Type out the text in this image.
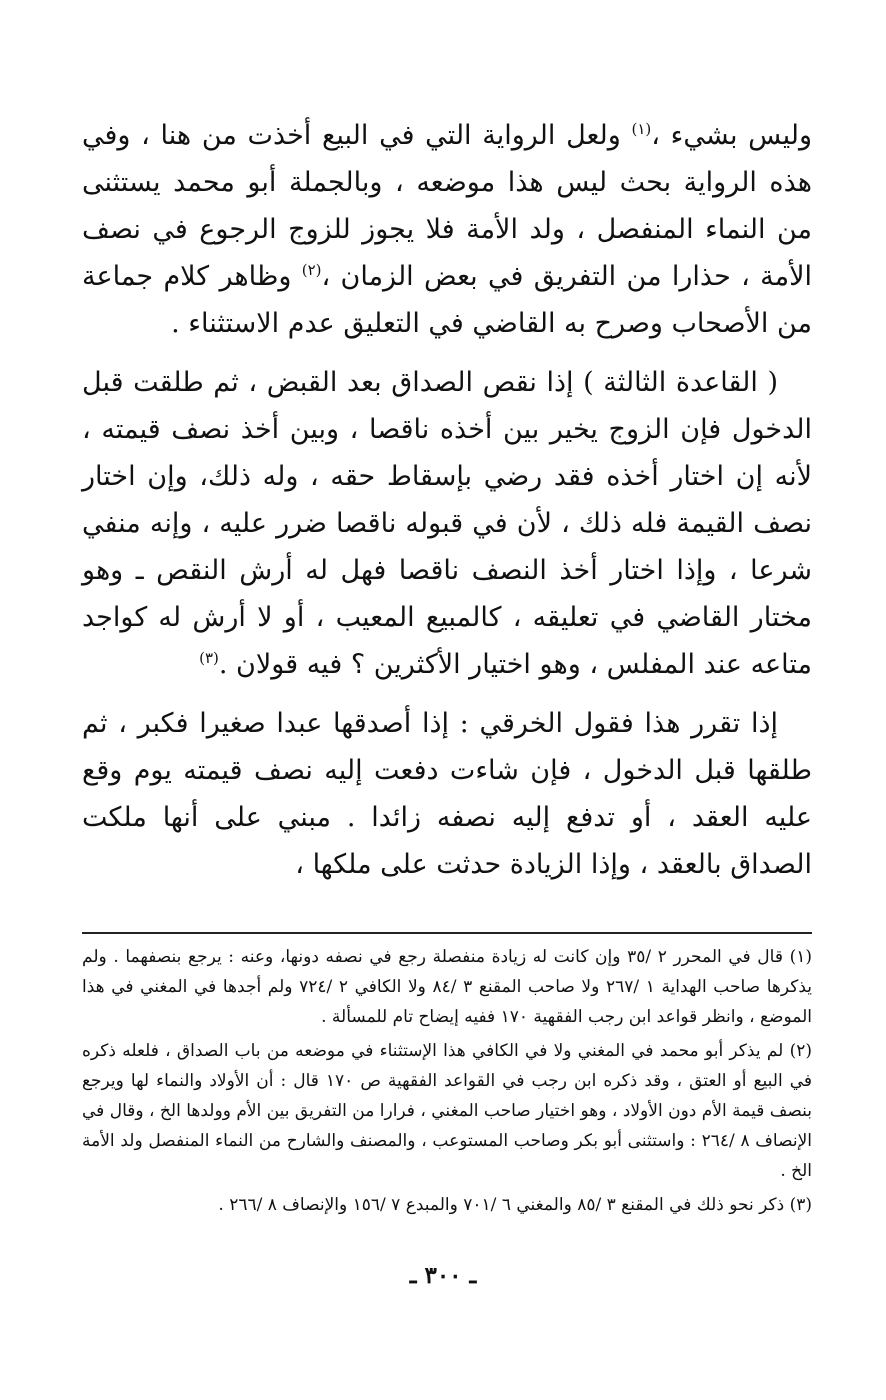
وليس بشيء ،$^{(١)}$ ولعل الرواية التي في البيع أخذت من هنا ، وفي هذه الرواية بحث ليس هذا موضعه ، وبالجملة أبو محمد يستثنى من النماء المنفصل ، ولد الأمة فلا يجوز للزوج الرجوع في نصف الأمة ، حذارا من التفريق في بعض الزمان ،$^{(٢)}$ وظاهر كلام جماعة من الأصحاب وصرح به القاضي في التعليق عدم الاستثناء .

( القاعدة الثالثة ) إذا نقص الصداق بعد القبض ، ثم طلقت قبل الدخول فإن الزوج يخير بين أخذه ناقصا ، وبين أخذ نصف قيمته ، لأنه إن اختار أخذه فقد رضي بإسقاط حقه ، وله ذلك، وإن اختار نصف القيمة فله ذلك ، لأن في قبوله ناقصا ضرر عليه ، وإنه منفي شرعا ، وإذا اختار أخذ النصف ناقصا فهل له أرش النقص ـ وهو مختار القاضي في تعليقه ، كالمبيع المعيب ، أو لا أرش له كواجد متاعه عند المفلس ، وهو اختيار الأكثرين ؟ فيه قولان .$^{(٣)}$

إذا تقرر هذا فقول الخرقي : إذا أصدقها عبدا صغيرا فكبر ، ثم طلقها قبل الدخول ، فإن شاءت دفعت إليه نصف قيمته يوم وقع عليه العقد ، أو تدفع إليه نصفه زائدا . مبني على أنها ملكت الصداق بالعقد ، وإذا الزيادة حدثت على ملكها ،

(١) قال في المحرر ٢ /٣٥ وإن كانت له زيادة منفصلة رجع في نصفه دونها، وعنه : يرجع بنصفهما . ولم يذكرها صاحب الهداية ١ /٢٦٧ ولا صاحب المقنع ٣ /٨٤ ولا الكافي ٢ /٧٢٤ ولم أجدها في المغني في هذا الموضع ، وانظر قواعد ابن رجب الفقهية ١٧٠ ففيه إيضاح تام للمسألة .

(٢) لم يذكر أبو محمد في المغني ولا في الكافي هذا الإستثناء في موضعه من باب الصداق ، فلعله ذكره في البيع أو العتق ، وقد ذكره ابن رجب في القواعد الفقهية ص ١٧٠ قال : أن الأولاد والنماء لها ويرجع بنصف قيمة الأم دون الأولاد ، وهو اختيار صاحب المغني ، فرارا من التفريق بين الأم وولدها الخ ، وقال في الإنصاف ٨ /٢٦٤ : واستثنى أبو بكر وصاحب المستوعب ، والمصنف والشارح من النماء المنفصل ولد الأمة الخ .

(٣) ذكر نحو ذلك في المقنع ٣ /٨٥ والمغني ٦ /٧٠١ والمبدع ٧ /١٥٦ والإنصاف ٨ /٢٦٦ .

ـ ٣٠٠ ـ
